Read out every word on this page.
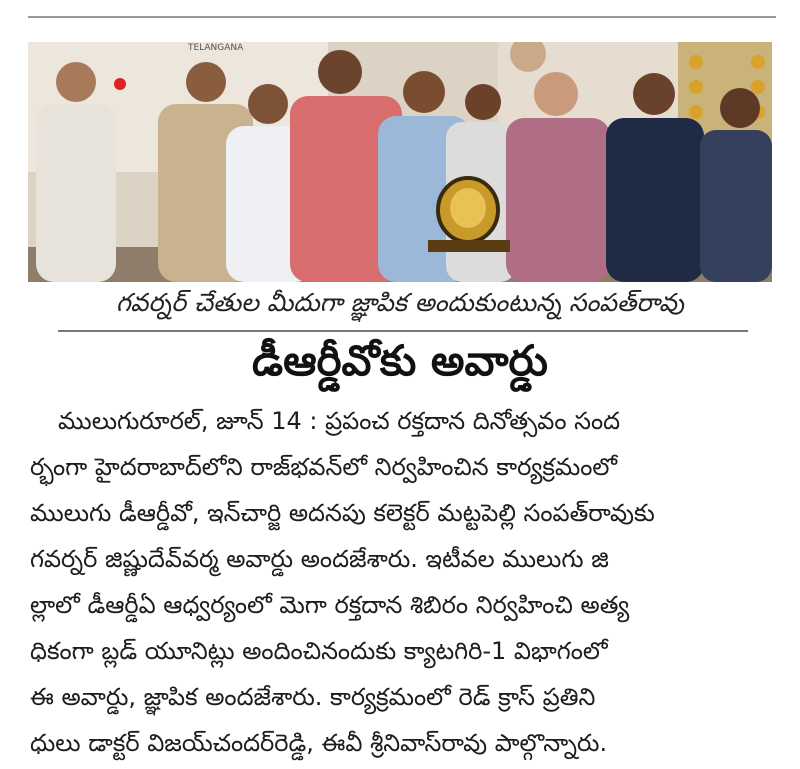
TELANGANA
గవర్నర్ చేతుల మీదుగా జ్ఞాపిక అందుకుంటున్న సంపత్‌రావు
డీఆర్డీవోకు అవార్డు
ములుగురూరల్, జూన్ 14 : ప్రపంచ రక్తదాన దినోత్సవం సంద
ర్భంగా హైదరాబాద్‌లోని రాజ్‌భవన్‌లో నిర్వహించిన కార్యక్రమంలో
ములుగు డీఆర్డీవో, ఇన్‌చార్జి అదనపు కలెక్టర్ మట్టపెల్లి సంపత్‌రావుకు
గవర్నర్ జిష్ణుదేవ్‌వర్మ అవార్డు అందజేశారు. ఇటీవల ములుగు జి
ల్లాలో డీఆర్డీఏ ఆధ్వర్యంలో మెగా రక్తదాన శిబిరం నిర్వహించి అత్య
ధికంగా బ్లడ్ యూనిట్లు అందించినందుకు క్యాటగిరి-1 విభాగంలో
ఈ అవార్డు, జ్ఞాపిక అందజేశారు. కార్యక్రమంలో రెడ్ క్రాస్ ప్రతిని
ధులు డాక్టర్ విజయ్‌చందర్‌రెడ్డి, ఈవీ శ్రీనివాస్‌రావు పాల్గొన్నారు.
